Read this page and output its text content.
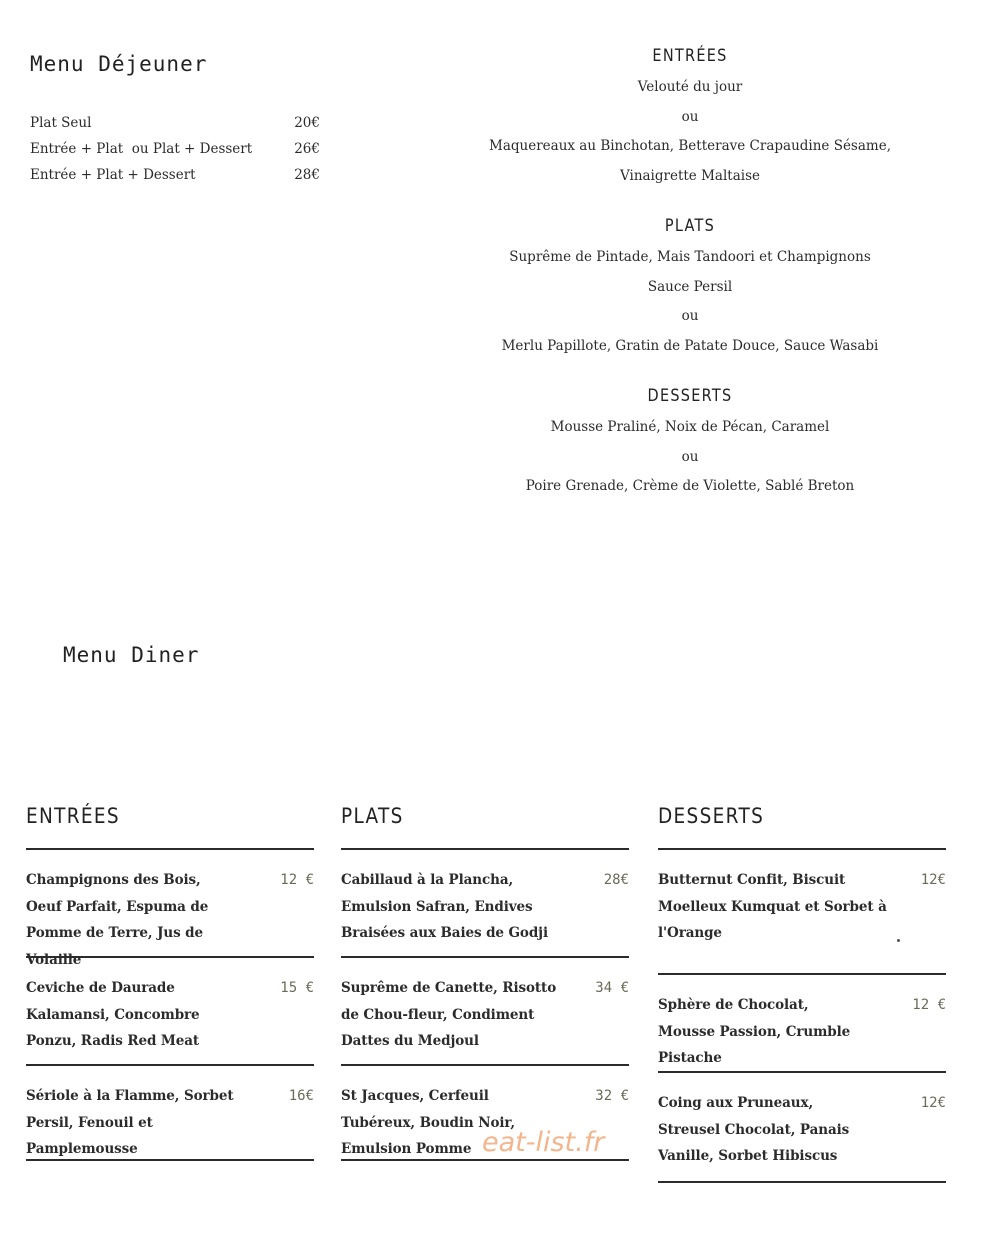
Menu Déjeuner
Plat Seul	20€
Entrée + Plat  ou Plat + Dessert	26€
Entrée + Plat + Dessert	28€
ENTRÉES
Velouté du jour
ou
Maquereaux au Binchotan, Betterave Crapaudine Sésame,
Vinaigrette Maltaise
PLATS
Suprême de Pintade, Mais Tandoori et Champignons
Sauce Persil
ou
Merlu Papillote, Gratin de Patate Douce, Sauce Wasabi
DESSERTS
Mousse Praliné, Noix de Pécan, Caramel
ou
Poire Grenade, Crème de Violette, Sablé Breton
Menu Diner
ENTRÉES
Champignons des Bois,
Oeuf Parfait, Espuma de Pomme de Terre, Jus de Volaille
12 €
Ceviche de Daurade Kalamansi, Concombre Ponzu, Radis Red Meat
15 €
Sériole à la Flamme, Sorbet Persil, Fenouil et Pamplemousse
16€
PLATS
Cabillaud à la Plancha, Emulsion Safran, Endives Braisées aux Baies de Godji
28€
Suprême de Canette, Risotto de Chou-fleur, Condiment Dattes du Medjoul
34 €
St Jacques, Cerfeuil Tubéreux, Boudin Noir, Emulsion Pomme
32 €
DESSERTS
Butternut Confit, Biscuit Moelleux Kumquat et Sorbet à l'Orange
12€
Sphère de Chocolat, Mousse Passion, Crumble Pistache
12 €
Coing aux Pruneaux, Streusel Chocolat, Panais Vanille, Sorbet Hibiscus
12€
eat-list.fr
